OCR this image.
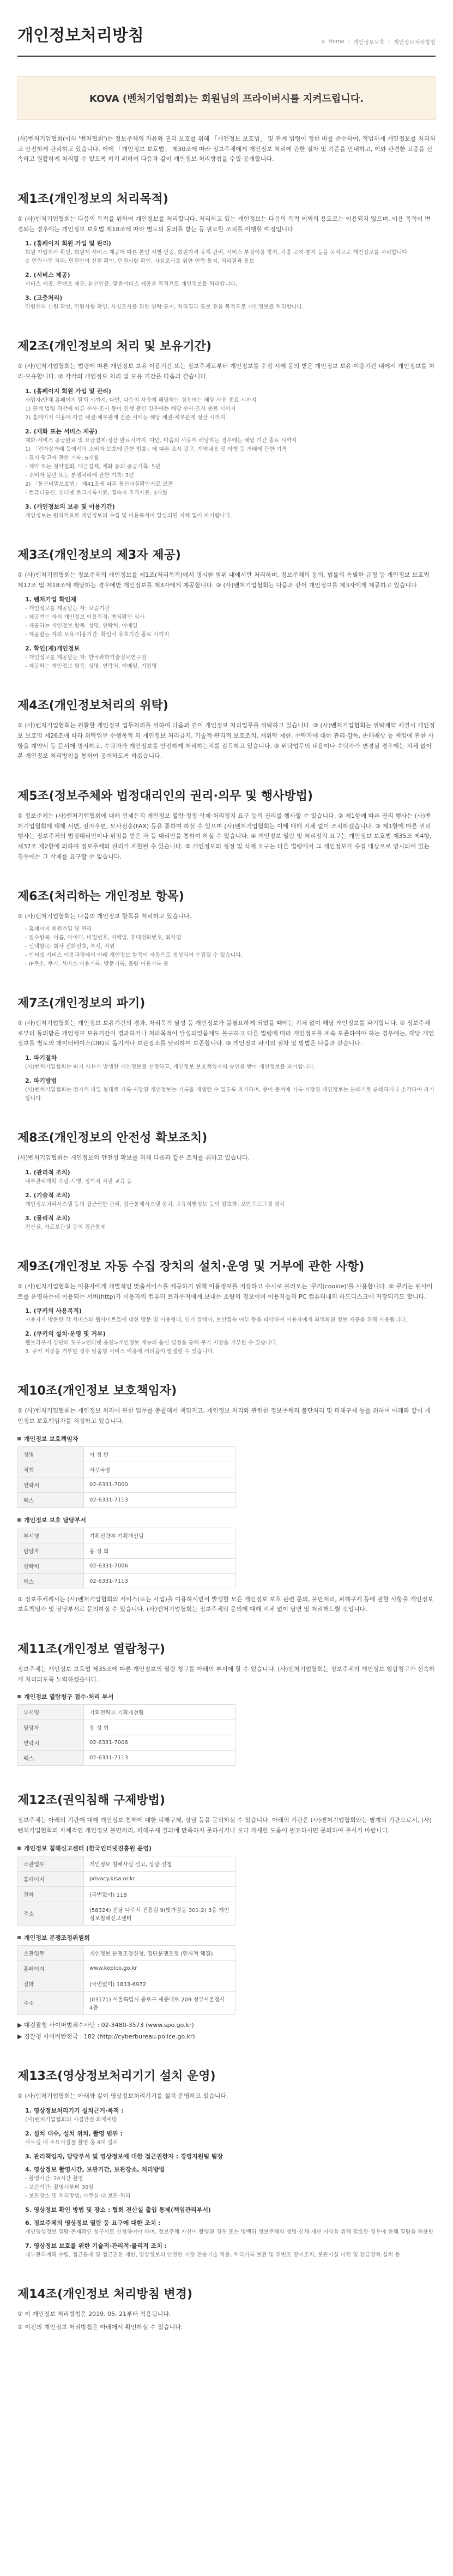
개인정보처리방침	⌂ Home › 개인정보보호 › 개인정보처리방침
KOVA (벤처기업협회)는 회원님의 프라이버시를 지켜드립니다.

(사)벤처기업협회(이하 '벤처협회')는 정보주체의 자유와 권리 보호를 위해 「개인정보 보호법」 및 관계 법령이 정한 바를 준수하여, 적법하게 개인정보를 처리하고 안전하게 관리하고 있습니다. 이에 「개인정보 보호법」 제30조에 따라 정보주체에게 개인정보 처리에 관한 절차 및 기준을 안내하고, 이와 관련한 고충을 신속하고 원활하게 처리할 수 있도록 하기 위하여 다음과 같이 개인정보 처리방침을 수립·공개합니다.

제1조(개인정보의 처리목적)

① (사)벤처기업협회는 다음의 목적을 위하여 개인정보를 처리합니다. 처리하고 있는 개인정보는 다음의 목적 이외의 용도로는 이용되지 않으며, 이용 목적이 변경되는 경우에는 개인정보 보호법 제18조에 따라 별도의 동의를 받는 등 필요한 조치를 이행할 예정입니다.

1. (홈페이지 회원 가입 및 관리)
회원 가입의사 확인, 회원제 서비스 제공에 따른 본인 식별·인증, 회원자격 유지·관리, 서비스 부정이용 방지, 각종 고지·통지 등을 목적으로 개인정보를 처리합니다.
② 민원사무 처리: 민원인의 신원 확인, 민원사항 확인, 사실조사를 위한 연락·통지, 처리결과 통보
2. (서비스 제공)
서비스 제공, 콘텐츠 제공, 본인인증, 맞춤서비스 제공을 목적으로 개인정보를 처리합니다.
3. (고충처리)
민원인의 신원 확인, 민원사항 확인, 사실조사를 위한 연락·통지, 처리결과 통보 등을 목적으로 개인정보를 처리합니다.
제2조(개인정보의 처리 및 보유기간)

① (사)벤처기업협회는 법령에 따른 개인정보 보유·이용기간 또는 정보주체로부터 개인정보를 수집 시에 동의 받은 개인정보 보유·이용기간 내에서 개인정보를 처리·보유합니다. ② 각각의 개인정보 처리 및 보유 기간은 다음과 같습니다.

1. (홈페이지 회원 가입 및 관리)
사업자/단체 홈페이지 탈퇴 시까지. 다만, 다음의 사유에 해당하는 경우에는 해당 사유 종료 시까지
1) 관계 법령 위반에 따른 수사·조사 등이 진행 중인 경우에는 해당 수사·조사 종료 시까지
2) 홈페이지 이용에 따른 채권·채무관계 잔존 시에는 해당 채권·채무관계 정산 시까지
2. (재화 또는 서비스 제공)
재화·서비스 공급완료 및 요금결제·정산 완료시까지. 다만, 다음의 사유에 해당하는 경우에는 해당 기간 종료 시까지
1) 「전자상거래 등에서의 소비자 보호에 관한 법률」에 따른 표시·광고, 계약내용 및 이행 등 거래에 관한 기록
- 표시·광고에 관한 기록: 6개월
- 계약 또는 청약철회, 대금결제, 재화 등의 공급기록: 5년
- 소비자 불만 또는 분쟁처리에 관한 기록: 3년
2) 「통신비밀보호법」 제41조에 따른 통신사실확인자료 보관
- 컴퓨터통신, 인터넷 로그기록자료, 접속지 추적자료: 3개월
3. (개인정보의 보유 및 이용기간)
개인정보는 원칙적으로 개인정보의 수집 및 이용목적이 달성되면 지체 없이 파기합니다.
제3조(개인정보의 제3자 제공)

① (사)벤처기업협회는 정보주체의 개인정보를 제1조(처리목적)에서 명시한 범위 내에서만 처리하며, 정보주체의 동의, 법률의 특별한 규정 등 개인정보 보호법 제17조 및 제18조에 해당하는 경우에만 개인정보를 제3자에게 제공합니다. ② (사)벤처기업협회는 다음과 같이 개인정보를 제3자에게 제공하고 있습니다.

1. 벤처기업 확인제
- 개인정보를 제공받는 자: 보증기관
- 제공받는 자의 개인정보 이용목적: 벤처확인 심사
- 제공하는 개인정보 항목: 성명, 연락처, 이메일
- 제공받는 자의 보유·이용기간: 확인서 유효기간 종료 시까지
2. 확인(제)개인정보
- 개인정보를 제공받는 자: 한국과학기술정보연구원
- 제공하는 개인정보 항목: 성명, 연락처, 이메일, 기업명
제4조(개인정보처리의 위탁)

① (사)벤처기업협회는 원활한 개인정보 업무처리를 위하여 다음과 같이 개인정보 처리업무를 위탁하고 있습니다. ② (사)벤처기업협회는 위탁계약 체결시 개인정보 보호법 제26조에 따라 위탁업무 수행목적 외 개인정보 처리금지, 기술적·관리적 보호조치, 재위탁 제한, 수탁자에 대한 관리·감독, 손해배상 등 책임에 관한 사항을 계약서 등 문서에 명시하고, 수탁자가 개인정보를 안전하게 처리하는지를 감독하고 있습니다. ③ 위탁업무의 내용이나 수탁자가 변경될 경우에는 지체 없이 본 개인정보 처리방침을 통하여 공개하도록 하겠습니다.

제5조(정보주체와 법정대리인의 권리·의무 및 행사방법)

① 정보주체는 (사)벤처기업협회에 대해 언제든지 개인정보 열람·정정·삭제·처리정지 요구 등의 권리를 행사할 수 있습니다. ② 제1항에 따른 권리 행사는 (사)벤처기업협회에 대해 서면, 전자우편, 모사전송(FAX) 등을 통하여 하실 수 있으며 (사)벤처기업협회는 이에 대해 지체 없이 조치하겠습니다. ③ 제1항에 따른 권리 행사는 정보주체의 법정대리인이나 위임을 받은 자 등 대리인을 통하여 하실 수 있습니다. ④ 개인정보 열람 및 처리정지 요구는 개인정보 보호법 제35조 제4항, 제37조 제2항에 의하여 정보주체의 권리가 제한될 수 있습니다. ⑤ 개인정보의 정정 및 삭제 요구는 다른 법령에서 그 개인정보가 수집 대상으로 명시되어 있는 경우에는 그 삭제를 요구할 수 없습니다.

제6조(처리하는 개인정보 항목)

① (사)벤처기업협회는 다음의 개인정보 항목을 처리하고 있습니다.

- 홈페이지 회원가입 및 관리
- 필수항목: 이름, 아이디, 비밀번호, 이메일, 휴대전화번호, 회사명
- 선택항목: 회사 전화번호, 부서, 직위
- 인터넷 서비스 이용과정에서 아래 개인정보 항목이 자동으로 생성되어 수집될 수 있습니다.
- IP주소, 쿠키, 서비스 이용기록, 방문기록, 불량 이용기록 등
제7조(개인정보의 파기)

① (사)벤처기업협회는 개인정보 보유기간의 경과, 처리목적 달성 등 개인정보가 불필요하게 되었을 때에는 지체 없이 해당 개인정보를 파기합니다. ② 정보주체로부터 동의받은 개인정보 보유기간이 경과하거나 처리목적이 달성되었음에도 불구하고 다른 법령에 따라 개인정보를 계속 보존하여야 하는 경우에는, 해당 개인정보를 별도의 데이터베이스(DB)로 옮기거나 보관장소를 달리하여 보존합니다. ③ 개인정보 파기의 절차 및 방법은 다음과 같습니다.

1. 파기절차
(사)벤처기업협회는 파기 사유가 발생한 개인정보를 선정하고, 개인정보 보호책임자의 승인을 받아 개인정보를 파기합니다.
2. 파기방법
(사)벤처기업협회는 전자적 파일 형태로 기록·저장된 개인정보는 기록을 재생할 수 없도록 파기하며, 종이 문서에 기록·저장된 개인정보는 분쇄기로 분쇄하거나 소각하여 파기합니다.
제8조(개인정보의 안전성 확보조치)

(사)벤처기업협회는 개인정보의 안전성 확보를 위해 다음과 같은 조치를 취하고 있습니다.

1. (관리적 조치)
내부관리계획 수립·시행, 정기적 직원 교육 등
2. (기술적 조치)
개인정보처리시스템 등의 접근권한 관리, 접근통제시스템 설치, 고유식별정보 등의 암호화, 보안프로그램 설치
3. (물리적 조치)
전산실, 자료보관실 등의 접근통제
제9조(개인정보 자동 수집 장치의 설치·운영 및 거부에 관한 사항)

① (사)벤처기업협회는 이용자에게 개별적인 맞춤서비스를 제공하기 위해 이용정보를 저장하고 수시로 불러오는 '쿠키(cookie)'를 사용합니다. ② 쿠키는 웹사이트를 운영하는데 이용되는 서버(http)가 이용자의 컴퓨터 브라우저에게 보내는 소량의 정보이며 이용자들의 PC 컴퓨터내의 하드디스크에 저장되기도 합니다.

1. (쿠키의 사용목적)
이용자가 방문한 각 서비스와 웹사이트들에 대한 방문 및 이용형태, 인기 검색어, 보안접속 여부 등을 파악하여 이용자에게 최적화된 정보 제공을 위해 사용됩니다.
2. (쿠키의 설치·운영 및 거부)
웹브라우저 상단의 도구>인터넷 옵션>개인정보 메뉴의 옵션 설정을 통해 쿠키 저장을 거부할 수 있습니다.
3. 쿠키 저장을 거부할 경우 맞춤형 서비스 이용에 어려움이 발생할 수 있습니다.
제10조(개인정보 보호책임자)

① (사)벤처기업협회는 개인정보 처리에 관한 업무를 총괄해서 책임지고, 개인정보 처리와 관련한 정보주체의 불만처리 및 피해구제 등을 위하여 아래와 같이 개인정보 보호책임자를 지정하고 있습니다.

개인정보 보호책임자
성명	이 정 민
직책	사무국장
연락처	02-6331-7000
팩스	02-6331-7113
개인정보 보호 담당부서
부서명	기획전략부 기획개선팀
담당자	용 성 희
연락처	02-6331-7006
팩스	02-6331-7113

② 정보주체께서는 (사)벤처기업협회의 서비스(또는 사업)을 이용하시면서 발생한 모든 개인정보 보호 관련 문의, 불만처리, 피해구제 등에 관한 사항을 개인정보 보호책임자 및 담당부서로 문의하실 수 있습니다. (사)벤처기업협회는 정보주체의 문의에 대해 지체 없이 답변 및 처리해드릴 것입니다.

제11조(개인정보 열람청구)

정보주체는 개인정보 보호법 제35조에 따른 개인정보의 열람 청구를 아래의 부서에 할 수 있습니다. (사)벤처기업협회는 정보주체의 개인정보 열람청구가 신속하게 처리되도록 노력하겠습니다.

개인정보 열람청구 접수·처리 부서
부서명	기획전략부 기획개선팀
담당자	용 성 희
연락처	02-6331-7006
팩스	02-6331-7113
제12조(권익침해 구제방법)

정보주체는 아래의 기관에 대해 개인정보 침해에 대한 피해구제, 상담 등을 문의하실 수 있습니다. 아래의 기관은 (사)벤처기업협회와는 별개의 기관으로서, (사)벤처기업협회의 자체적인 개인정보 불만처리, 피해구제 결과에 만족하지 못하시거나 보다 자세한 도움이 필요하시면 문의하여 주시기 바랍니다.

개인정보 침해신고센터 (한국인터넷진흥원 운영)
소관업무	개인정보 침해사실 신고, 상담 신청
홈페이지	privacy.kisa.or.kr
전화	(국번없이) 118
주소	(58324) 전남 나주시 진흥길 9(빛가람동 301-2) 3층 개인정보침해신고센터
개인정보 분쟁조정위원회
소관업무	개인정보 분쟁조정신청, 집단분쟁조정 (민사적 해결)
홈페이지	www.kopico.go.kr
전화	(국번없이) 1833-6972
주소	(03171) 서울특별시 종로구 세종대로 209 정부서울청사 4층
▶ 대검찰청 사이버범죄수사단 : 02-3480-3573 (www.spo.go.kr)
▶ 경찰청 사이버안전국 : 182 (http://cyberbureau.police.go.kr)
제13조(영상정보처리기기 설치 운영)

① (사)벤처기업협회는 아래와 같이 영상정보처리기기를 설치·운영하고 있습니다.

1. 영상정보처리기기 설치근거·목적 :
(사)벤처기업협회의 시설안전·화재예방
2. 설치 대수, 설치 위치, 촬영 범위 :
사무실 내 주요시설물 촬영 총 4대 설치
3. 관리책임자, 담당부서 및 영상정보에 대한 접근권한자 : 경영지원팀 팀장
4. 영상정보 촬영시간, 보관기간, 보관장소, 처리방법
- 촬영시간: 24시간 촬영
- 보관기간: 촬영시부터 30일
- 보관장소 및 처리방법: 사무실 내 보관·처리
5. 영상정보 확인 방법 및 장소 : 협회 전산실 출입 통제(책임관리부서)
6. 정보주체의 영상정보 열람 등 요구에 대한 조치 :
개인영상정보 열람·존재확인 청구서로 신청하여야 하며, 정보주체 자신이 촬영된 경우 또는 명백히 정보주체의 생명·신체·재산 이익을 위해 필요한 경우에 한해 열람을 허용함
7. 영상정보 보호를 위한 기술적·관리적·물리적 조치 :
내부관리계획 수립, 접근통제 및 접근권한 제한, 영상정보의 안전한 저장·전송기술 적용, 처리기록 보관 및 위변조 방지조치, 보관시설 마련 및 잠금장치 설치 등
제14조(개인정보 처리방침 변경)

① 이 개인정보 처리방침은 2019. 05. 21부터 적용됩니다.

② 이전의 개인정보 처리방침은 아래에서 확인하실 수 있습니다.
